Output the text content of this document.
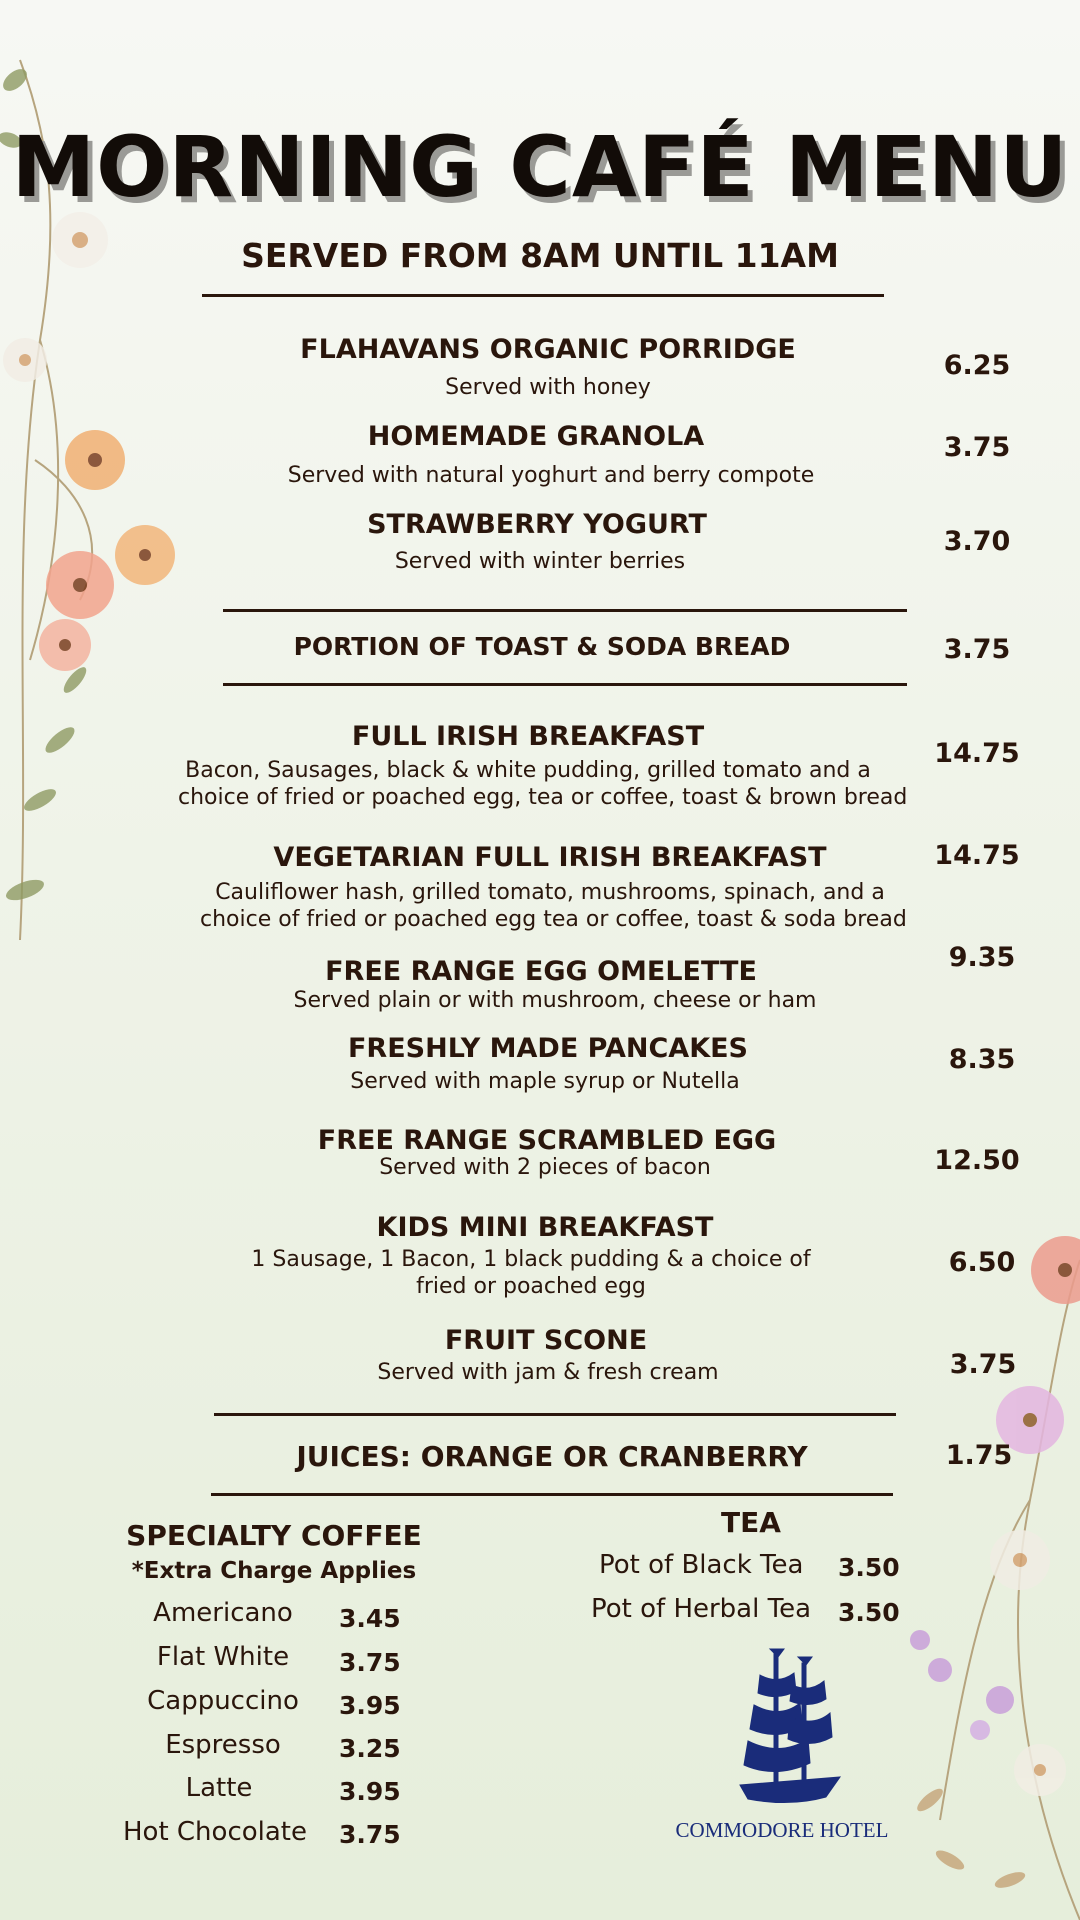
MORNING CAFÉ MENU
SERVED FROM 8AM UNTIL 11AM
FLAHAVANS ORGANIC PORRIDGE
Served with honey
6.25
HOMEMADE GRANOLA
Served with natural yoghurt and berry compote
3.75
STRAWBERRY YOGURT
Served with winter berries
3.70
PORTION OF TOAST & SODA BREAD	3.75
FULL IRISH BREAKFAST
Bacon, Sausages, black & white pudding, grilled tomato and a
choice of fried or poached egg, tea or coffee, toast & brown bread
14.75
VEGETARIAN FULL IRISH BREAKFAST
Cauliflower hash, grilled tomato, mushrooms, spinach, and a
choice of fried or poached egg tea or coffee, toast & soda bread
14.75
FREE RANGE EGG OMELETTE
Served plain or with mushroom, cheese or ham
9.35
FRESHLY MADE PANCAKES
Served with maple syrup or Nutella
8.35
FREE RANGE SCRAMBLED EGG
Served with 2 pieces of bacon	12.50
KIDS MINI BREAKFAST
1 Sausage, 1 Bacon, 1 black pudding & a choice of
fried or poached egg
6.50
FRUIT SCONE
Served with jam & fresh cream	3.75
JUICES: ORANGE OR CRANBERRY	1.75
SPECIALTY COFFEE
*Extra Charge Applies
Americano	3.45
Flat White	3.75
Cappuccino	3.95
Espresso	3.25
Latte	3.95
Hot Chocolate	3.75
TEA
Pot of Black Tea 3.50
Pot of Herbal Tea 3.50
COMMODORE HOTEL
